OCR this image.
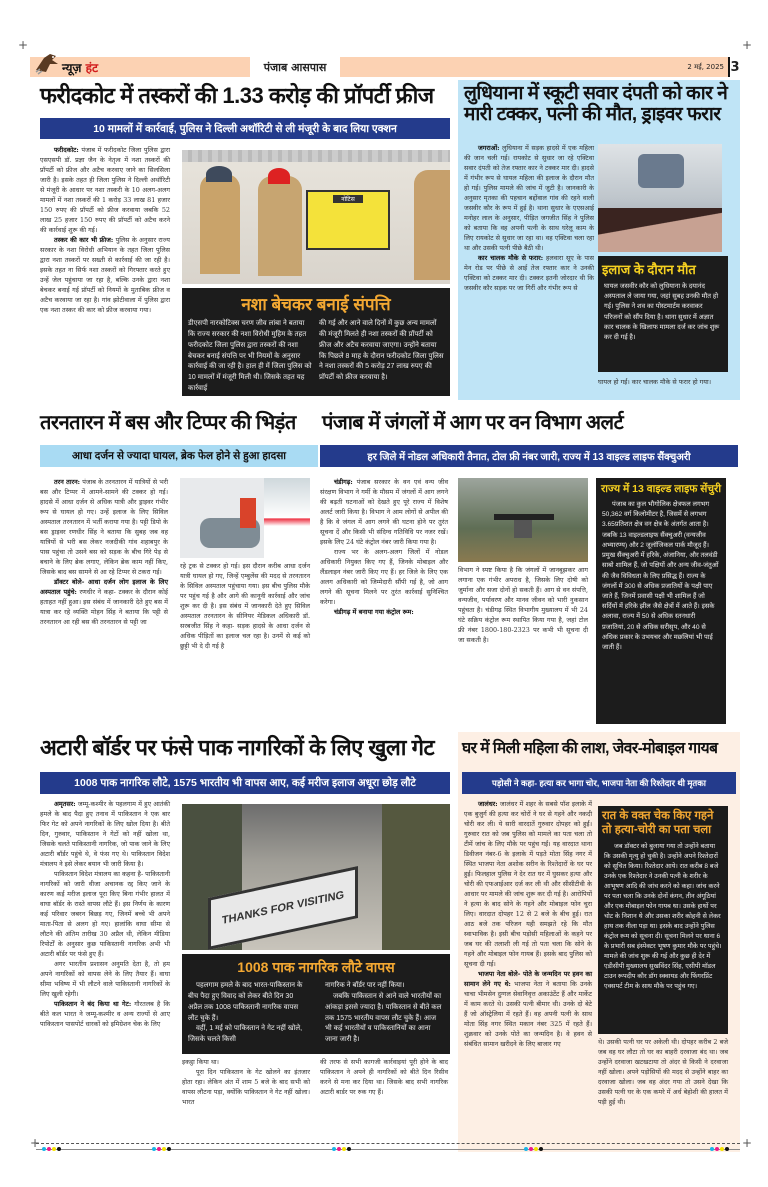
+	+
न्यूज़ हंट	पंजाब आसपास	2 मई, 2025 3
फरीदकोट में तस्करों की 1.33 करोड़ की प्रॉपर्टी फ्रीज
10 मामलों में कार्रवाई, पुलिस ने दिल्ली अथॉरिटी से ली मंजूरी के बाद लिया एक्शन

फरीदकोट: पंजाब में फरीदकोट जिला पुलिस द्वारा एसएसपी डॉ. प्रज्ञा जैन के नेतृत्व में नशा तस्करों की प्रॉपर्टी को फ्रीज और अटैच करवाए जाने का सिलसिला जारी है। इसके तहत ही जिला पुलिस ने दिल्ली अथॉरिटी से मंजूरी के आधार पर नशा तस्करी के 10 अलग-अलग मामलों में नशा तस्करों की 1 करोड़ 33 लाख 81 हजार 150 रुपए की प्रॉपर्टी को फ्रीज करवाया जबकि 52 लाख 25 हजार 150 रुपए की प्रॉपर्टी को अटैच करने की कार्रवाई शुरू की गई।

तस्कर की कार भी फ्रीज: पुलिस के अनुसार राज्य सरकार के नशा विरोधी अभियान के तहत जिला पुलिस द्वारा नशा तस्करों पर सख्ती से कार्रवाई की जा रही है। इसके तहत ना सिर्फ नशा तस्करों को गिरफ्तार करते हुए उन्हें जेल पहुंचाया जा रहा है, बल्कि उनके द्वारा नशा बेचकर बनाई गई प्रॉपर्टी को नियमों के मुताबिक फ्रीज व अटैच करवाया जा रहा है। गांव झोटीवाला में पुलिस द्वारा एक नशा तस्कर की कार को फ्रीज करवाया गया।

नोटिस
नशा बेचकर बनाई संपत्ति
डीएसपी नारकोटिक्स चरण जीव लांबा ने बताया कि राज्य सरकार की नशा विरोधी मुहिम के तहत फरीदकोट जिला पुलिस द्वारा तस्करों की नशा बेचकर बनाई संपत्ति पर भी नियमों के अनुसार कार्रवाई की जा रही है। हाल ही में जिला पुलिस को 10 मामलों में मंजूरी मिली थी। जिसके तहत यह कार्रवाई
की गई और आने वाले दिनों में कुछ अन्य मामलों की मंजूरी मिलते ही नशा तस्करों की प्रॉपर्टी को फ्रीज और अटैच करवाया जाएगा। उन्होंने बताया कि पिछले 8 माह के दौरान फरीदकोट जिला पुलिस ने नशा तस्करों की 5 करोड़ 27 लाख रुपए की प्रॉपर्टी को फ्रीज करवाया है।
लुधियाना में स्कूटी सवार दंपती को कार ने मारी टक्कर, पत्नी की मौत, ड्राइवर फरार

जगराओं: लुधियाना में सड़क हादसे में एक महिला की जान चली गई। रायकोट से सुधार जा रहे एक्टिवा सवार दंपती को तेज रफ्तार कार ने टक्कर मार दी। हादसे में गंभीर रूप से घायल महिला की इलाज के दौरान मौत हो गई। पुलिस मामले की जांच में जुटी है। जानकारी के अनुसार मृतका की पहचान बद्दोंवाल गांव की रहने वाली जसवीर कौर के रूप में हुई है। थाना सुधार के एएसआई मनोहर लाल के अनुसार, पीड़ित जगजीत सिंह ने पुलिस को बताया कि वह अपनी पत्नी के साथ घरेलू काम के लिए रायकोट से सुधार जा रहा था। वह एक्टिवा चला रहा था और उसकी पत्नी पीछे बैठी थी।

कार चालक मौके से फरार: हलवारा सूए के पास मेन रोड पर पीछे से आई तेज रफ्तार कार ने उनकी एक्टिवा को टक्कर मार दी। टक्कर इतनी जोरदार थी कि जसवीर कौर सड़क पर जा गिरीं और गंभीर रूप से

इलाज के दौरान मौत
घायल जसवीर कौर को लुधियाना के दयानंद अस्पताल ले जाया गया, जहां सुबह उनकी मौत हो गई। पुलिस ने शव का पोस्टमार्टम करवाकर परिजनों को सौंप दिया है। थाना सुधार में अज्ञात कार चालक के खिलाफ मामला दर्ज कर जांच शुरू कर दी गई है।
घायल हो गईं। कार चालक मौके से फरार हो गया।
तरनतारन में बस और टिप्पर की भिड़ंत
आधा दर्जन से ज्यादा घायल, ब्रेक फेल होने से हुआ हादसा

तरन तारन: पंजाब के तरनतारन में यात्रियों से भरी बस और टिप्पर में आमने-सामने की टक्कर हो गई। हादसे में आधा दर्जन से अधिक यात्री और ड्राइवर गंभीर रूप से घायल हो गए। उन्हें इलाज के लिए सिविल अस्पताल तरनतारन में भर्ती कराया गया है। पट्टी डिपो के बस ड्राइवर रणधीर सिंह ने बताया कि सुबह जब वह यात्रियों से भरी बस लेकर नजदीकी गांव शहाबपुर के पास पहुंचा तो उसने बस को सड़क के बीच गिरे पेड़ से बचाने के लिए ब्रेक लगाए, लेकिन ब्रेक काम नहीं किए, जिसके बाद बस सामने से आ रहे टिप्पर से टकरा गई।

डॉक्टर बोले- आधा दर्जन लोग इलाज के लिए अस्पताल पहुंचे: रणधीर ने कहा- टक्कर के दौरान कोई हताहत नहीं हुआ। इस संबंध में जानकारी देते हुए बस में यात्रा कर रहे व्यक्ति मोहन सिंह ने बताया कि पट्टी से तरनतारन आ रही बस की तरनतारन से पट्टी जा

रहे ट्रक से टक्कर हो गई। इस दौरान करीब आधा दर्जन यात्री घायल हो गए, जिन्हें एम्बुलेंस की मदद से तरनतारन के सिविल अस्पताल पहुंचाया गया। इस बीच पुलिस मौके पर पहुंच गई है और आगे की कानूनी कार्रवाई और जांच शुरू कर दी है। इस संबंध में जानकारी देते हुए सिविल अस्पताल तरनतारन के सीनियर मेडिकल अधिकारी डॉ. सरबजीत सिंह ने कहा- सड़क हादसे के आधा दर्जन से अधिक पीड़ितों का इलाज चल रहा है। उनमें से कई को छुट्टी भी दे दी गई है
पंजाब में जंगलों में आग पर वन विभाग अलर्ट
हर जिले में नोडल अधिकारी तैनात, टोल फ्री नंबर जारी, राज्य में 13 वाइल्ड लाइफ सैंक्चुअरी

चंडीगढ़: पंजाब सरकार के वन एवं वन्य जीव संरक्षण विभाग ने गर्मी के मौसम में जंगलों में आग लगने की बढ़ती घटनाओं को देखते हुए पूरे राज्य में विशेष अलर्ट जारी किया है। विभाग ने आम लोगों से अपील की है कि वे जंगल में आग लगने की घटना होने पर तुरंत सूचना दें और किसी भी संदिग्ध गतिविधि पर नजर रखें। इसके लिए 24 घंटे कंट्रोल नंबर जारी किया गया है।

राज्य भर के अलग-अलग जिलों में नोडल अधिकारी नियुक्त किए गए हैं, जिनके मोबाइल और लैंडलाइन नंबर जारी किए गए हैं। हर जिले के लिए एक अलग अधिकारी को जिम्मेदारी सौंपी गई है, जो आग लगने की सूचना मिलने पर तुरंत कार्रवाई सुनिश्चित करेगा।

चंडीगढ़ में बनाया गया कंट्रोल रूम:

विभाग ने स्पष्ट किया है कि जंगलों में जानबूझकर आग लगाना एक गंभीर अपराध है, जिसके लिए दोषी को जुर्माना और सजा दोनों हो सकती हैं। आग से वन संपत्ति, वन्यजीव, पर्यावरण और मानव जीवन को भारी नुकसान पहुंचता है। चंडीगढ़ स्थित विभागीय मुख्यालय में भी 24 घंटे सक्रिय कंट्रोल रूम स्थापित किया गया है, जहां टोल फ्री नंबर 1800-180-2323 पर कभी भी सूचना दी जा सकती है।
राज्य में 13 वाइल्ड लाइफ सेंचुरी
पंजाब का कुल भौगोलिक क्षेत्रफल लगभग 50,362 वर्ग किलोमीटर है, जिसमें से लगभग 3.65प्रतिशत क्षेत्र वन क्षेत्र के अंतर्गत आता है। जबकि 13 वाइल्डलाइफ सैंक्चुअरी (वन्यजीव अभ्यारण्य) और 2 जूलॉजिकल पार्क मौजूद हैं। प्रमुख सैंक्चुअरी में हरिके, अंजानिया, और तलवंडी साबो शामिल हैं, जो पक्षियों और अन्य जीव-जंतुओं की जैव विविधता के लिए प्रसिद्ध हैं। राज्य के जंगलों में 300 से अधिक प्रजातियों के पक्षी पाए जाते हैं, जिनमें प्रवासी पक्षी भी शामिल हैं जो सर्दियों में हरिके झील जैसे क्षेत्रों में आते हैं। इसके अलावा, राज्य में 50 से अधिक स्तनधारी प्रजातियां, 20 से अधिक सरीसृप, और 40 से अधिक प्रकार के उभयचर और मछलियां भी पाई जाती हैं।
अटारी बॉर्डर पर फंसे पाक नागरिकों के लिए खुला गेट
1008 पाक नागरिक लौटे, 1575 भारतीय भी वापस आए, कई मरीज इलाज अधूरा छोड़ लौटे

अमृतसर: जम्मू-कश्मीर के पहलगाम में हुए आतंकी हमले के बाद पैदा हुए तनाव में पाकिस्तान ने एक बार फिर गेट को अपने नागरिकों के लिए खोल दिया है। बीते दिन, गुरुवार, पाकिस्तान ने गेटों को नहीं खोला था, जिसके चलते पाकिस्तानी नागरिक, जो पाक जाने के लिए अटारी बॉर्डर पहुंचे थे, वे फंस गए थे। पाकिस्तान विदेश मंत्रालय ने इसे लेकर बयान भी जारी किया है।

पाकिस्तान विदेश मंत्रालय का कहना है- पाकिस्तानी नागरिकों को जारी वीजा अचानक रद्द किए जाने के कारण कई मरीज इलाज पूरा किए बिना गंभीर हालत में वाघा बॉर्डर के रास्ते वापस लौटे हैं। इस निर्णय के कारण कई परिवार जबरन बिछड़ गए, जिनमें बच्चे भी अपने माता-पिता से अलग हो गए। हालांकि वाघा सीमा से लौटने की अंतिम तारीख 30 अप्रैल थी, लेकिन मीडिया रिपोर्टों के अनुसार कुछ पाकिस्तानी नागरिक अभी भी अटारी बॉर्डर पर फंसे हुए हैं।

अगर भारतीय प्रशासन अनुमति देता है, तो हम अपने नागरिकों को वापस लेने के लिए तैयार हैं। वाघा सीमा भविष्य में भी लौटने वाले पाकिस्तानी नागरिकों के लिए खुली रहेगी।

पाकिस्तान ने बंद किया था गेट: गौरतलब है कि बीते कल भारत ने जम्मू-कश्मीर व अन्य राज्यों से आए पाकिस्तान पासपोर्ट धारकों को इमिग्रेशन चेक के लिए

THANKS FOR VISITING
1008 पाक नागरिक लौटे वापस
पहलगाम हमले के बाद भारत-पाकिस्तान के बीच पैदा हुए विवाद को लेकर बीते दिन 30 अप्रैल तक 1008 पाकिस्तानी नागरिक वापस लौट चुके हैं।
वहीं, 1 मई को पाकिस्तान ने गेट नहीं खोले, जिसके चलते किसी
नागरिक ने बॉर्डर पार नहीं किया।
जबकि पाकिस्तान से आने वाले भारतीयों का आंकड़ा इससे ज्यादा है। पाकिस्तान से बीते कल तक 1575 भारतीय वापस लौट चुके हैं। आज भी कई भारतीयों व पाकिस्तानियों का आना जाना जारी है।
इकट्ठा किया था।

पूरा दिन पाकिस्तान के गेट खोलने का इंतजार होता रहा। लेकिन अंत में शाम 5 बजे के बाद सभी को वापस लौटना पड़ा, क्योंकि पाकिस्तान ने गेट नहीं खोला।भारत

की तरफ से सभी कागजी कार्रवाइयां पूरी होने के बाद पाकिस्तान ने अपने ही नागरिकों को बीते दिन रिसीव करने से मना कर दिया था। जिसके बाद सभी नागरिक अटारी बार्डर पर रुक गए हैं।
घर में मिली महिला की लाश, जेवर-मोबाइल गायब
पड़ोसी ने कहा- हत्या कर भागा चोर, भाजपा नेता की रिश्तेदार थी मृतका

जालंधर: जालंधर में शहर के सबसे पॉश इलाके में एक बुजुर्ग की हत्या कर चोरों ने घर से गहने और नकदी चोरी कर ली। ये सारी वारदातें गुरुवार दोपहर को हुईं। गुरुवार रात को जब पुलिस को मामले का पता चला तो टीमें जांच के लिए मौके पर पहुंच गईं। यह वारदात थाना डिवीजन नंबर-6 के इलाके में पड़ते मोता सिंह नगर में स्थित भाजपा नेता अशोक सरीन के रिश्तेदारों के घर पर हुई। फिलहाल पुलिस ने देर रात घर में घुसकर हत्या और चोरी की एफआईआर दर्ज कर ली थी और सीसीटीवी के आधार पर मामले की जांच शुरू कर दी गई है। आरोपियों ने हत्या के बाद सोने के गहने और मोबाइल फोन चुरा लिए। वारदात दोपहर 12 से 2 बजे के बीच हुई। रात आठ बजे तक परिजन यही समझते रहे कि मौत स्वाभाविक है। इसी बीच पड़ोसी महिलाओं के कहने पर जब घर की तलाशी ली गई तो पता चला कि सोने के गहने और मोबाइल फोन गायब हैं। इसके बाद पुलिस को सूचना दी गई।

भाजपा नेता बोले- पोते के जन्मदिन पर हवन का सामान लेने गए थे: भाजपा नेता ने बताया कि उनके चाचा भीमसेन दुग्गल सेवानिवृत्त अकाउंटेंट हैं और मार्केट में काम करते थे। उसकी पत्नी बीमार थी। उनके दो बेटे हैं जो ऑस्ट्रेलिया में रहते हैं। वह अपनी पत्नी के साथ मोता सिंह नगर स्थित मकान नंबर 325 में रहते हैं। शुक्रवार को उनके पोते का जन्मदिन है। वे हवन से संबंधित सामान खरीदने के लिए बाजार गए

रात के वक्त चेक किए गहने तो हत्या-चोरी का पता चला
जब डॉक्टर को बुलाया गया तो उन्होंने बताया कि उसकी मृत्यु हो चुकी है। उन्होंने अपने रिश्तेदारों को सूचित किया। रिश्तेदार आये। रात करीब 8 बजे उनके एक रिश्तेदार ने उनकी पत्नी के शरीर के आभूषण आदि की जांच करने को कहा। जांच करने पर पता चला कि उनके दोनों कंगन, तीन अंगूठियां और एक मोबाइल फोन गायब था। उसके हाथों पर चोट के निशान थे और उसका शरीर कोहनी से लेकर हाथ तक नीला पड़ा था। इसके बाद उन्होंने पुलिस कंट्रोल रूम को सूचना दी। सूचना मिलने पर थाना 6 के प्रभारी सब इंस्पेक्टर भूषण कुमार मौके पर पहुंचे। मामले की जांच शुरू की गई और कुछ ही देर में एडीसीपी मुख्यालय सुखविंदर सिंह, एसीपी मॉडल टाउन रूपदीप कौर डॉग स्क्वायड और फिंगरप्रिंट एक्सपर्ट टीम के साथ मौके पर पहुंच गए।
थे। उसकी पत्नी घर पर अकेली थी। दोपहर करीब 2 बजे जब वह घर लौटा तो घर का बाहरी दरवाजा बंद था। जब उन्होंने दरवाजा खटखटाया तो अंदर से किसी ने दरवाजा नहीं खोला। अपने पड़ोसियों की मदद से उन्होंने बाहर का दरवाजा खोला। जब वह अंदर गया तो उसने देखा कि उसकी पत्नी घर के एक कमरे में अर्ध बेहोशी की हालत में पड़ी हुई थी।
+	+
